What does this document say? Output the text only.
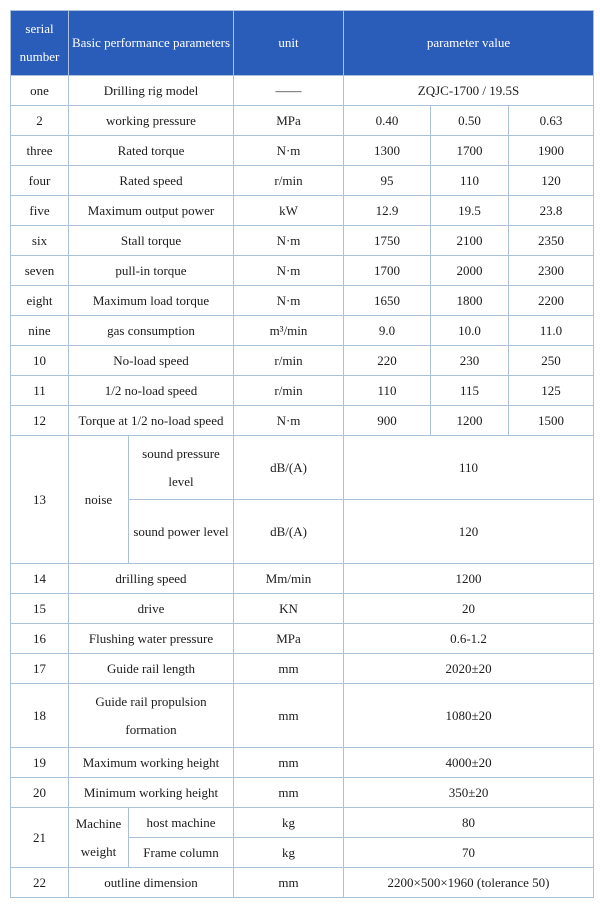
serial number	Basic performance parameters		unit	parameter value		
one	Drilling rig model		——	ZQJC-1700 / 19.5S		
2	working pressure		MPa	0.40	0.50	0.63
three	Rated torque		N·m	1300	1700	1900
four	Rated speed		r/min	95	110	120
five	Maximum output power		kW	12.9	19.5	23.8
six	Stall torque		N·m	1750	2100	2350
seven	pull-in torque		N·m	1700	2000	2300
eight	Maximum load torque		N·m	1650	1800	2200
nine	gas consumption		m³/min	9.0	10.0	11.0
10	No-load speed		r/min	220	230	250
11	1/2 no-load speed		r/min	110	115	125
12	Torque at 1/2 no-load speed		N·m	900	1200	1500
13	noise	sound pressure level	dB/(A)	110		
		sound power level	dB/(A)	120		
14	drilling speed		Mm/min	1200		
15	drive		KN	20		
16	Flushing water pressure		MPa	0.6-1.2		
17	Guide rail length		mm	2020±20		
18	Guide rail propulsion formation		mm	1080±20		
19	Maximum working height		mm	4000±20		
20	Minimum working height		mm	350±20		
21	Machine weight	host machine	kg	80		
		Frame column	kg	70		
22	outline dimension		mm	2200×500×1960 (tolerance 50)		
